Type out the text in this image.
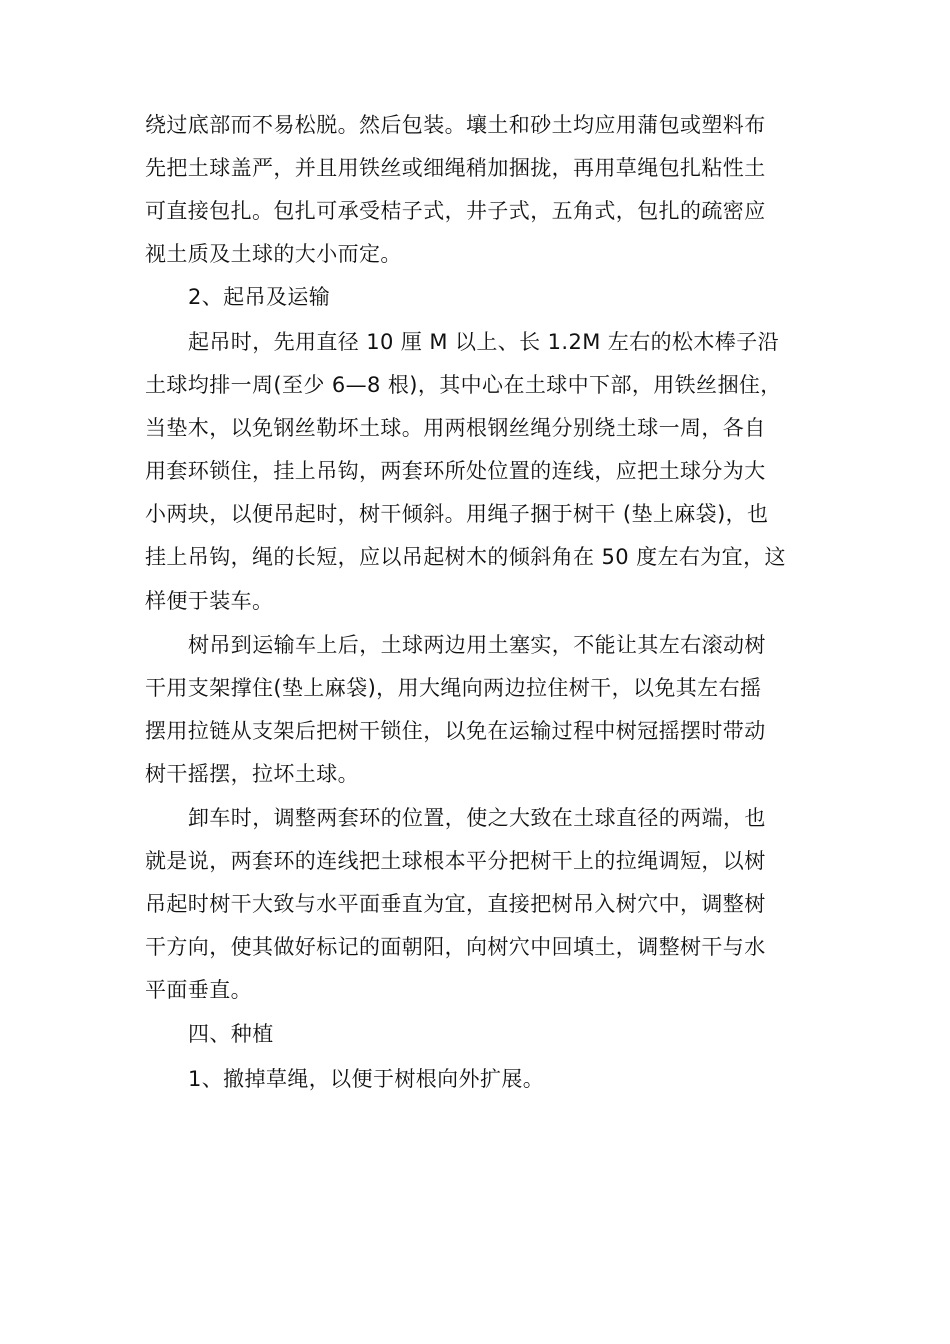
绕过底部而不易松脱。然后包装。壤土和砂土均应用蒲包或塑料布
先把土球盖严，并且用铁丝或细绳稍加捆拢，再用草绳包扎粘性土
可直接包扎。包扎可承受桔子式，井子式，五角式，包扎的疏密应
视土质及土球的大小而定。
2、起吊及运输
起吊时，先用直径 10 厘 M 以上、长 1.2M 左右的松木棒子沿
土球均排一周(至少 6—8 根)，其中心在土球中下部，用铁丝捆住，
当垫木，以免钢丝勒坏土球。用两根钢丝绳分别绕土球一周，各自
用套环锁住，挂上吊钩，两套环所处位置的连线，应把土球分为大
小两块，以便吊起时，树干倾斜。用绳子捆于树干 (垫上麻袋)，也
挂上吊钩，绳的长短，应以吊起树木的倾斜角在 50 度左右为宜，这
样便于装车。
树吊到运输车上后，土球两边用土塞实，不能让其左右滚动树
干用支架撑住(垫上麻袋)，用大绳向两边拉住树干，以免其左右摇
摆用拉链从支架后把树干锁住，以免在运输过程中树冠摇摆时带动
树干摇摆，拉坏土球。
卸车时，调整两套环的位置，使之大致在土球直径的两端，也
就是说，两套环的连线把土球根本平分把树干上的拉绳调短，以树
吊起时树干大致与水平面垂直为宜，直接把树吊入树穴中，调整树
干方向，使其做好标记的面朝阳，向树穴中回填土，调整树干与水
平面垂直。
四、种植
1、撤掉草绳，以便于树根向外扩展。
